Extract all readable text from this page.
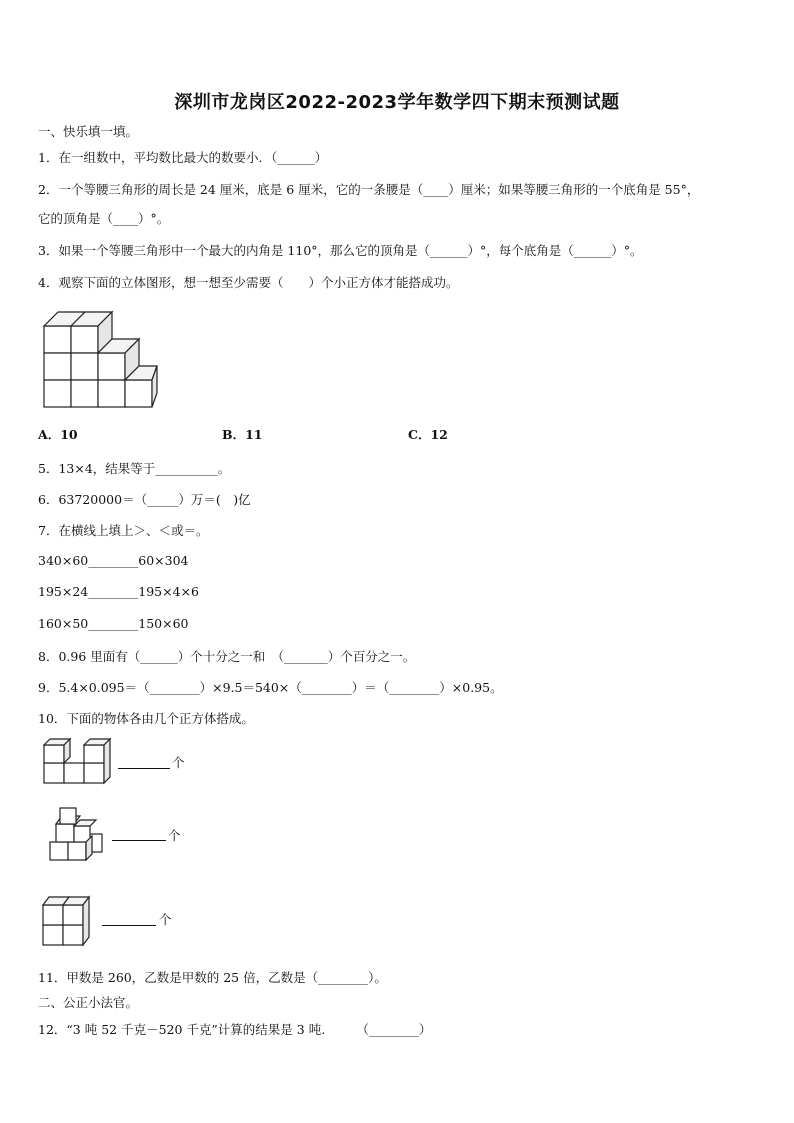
深圳市龙岗区2022-2023学年数学四下期末预测试题
一、快乐填一填。
1．在一组数中，平均数比最大的数要小．（______）
2．一个等腰三角形的周长是 24 厘米，底是 6 厘米，它的一条腰是（____）厘米；如果等腰三角形的一个底角是 55°，
它的顶角是（____）°。
3．如果一个等腰三角形中一个最大的内角是 110°，那么它的顶角是（______）°，每个底角是（______）°。
4．观察下面的立体图形，想一想至少需要（　　）个小正方体才能搭成功。
A．10	B．11	C．12
5．13×4，结果等于__________。
6．63720000＝（_____）万＝(　)亿
7．在横线上填上＞、＜或＝。
340×60________60×304
195×24________195×4×6
160×50________150×60
8．0.96 里面有（______）个十分之一和　（_______）个百分之一。
9．5.4×0.095＝（________）×9.5＝540×（________）＝（________）×0.95。
10．下面的物体各由几个正方体搭成。
个
个
个
11．甲数是 260，乙数是甲数的 25 倍，乙数是（________）。
二、公正小法官。
12．“3 吨 52 千克－520 千克”计算的结果是 3 吨.　　　（________）
